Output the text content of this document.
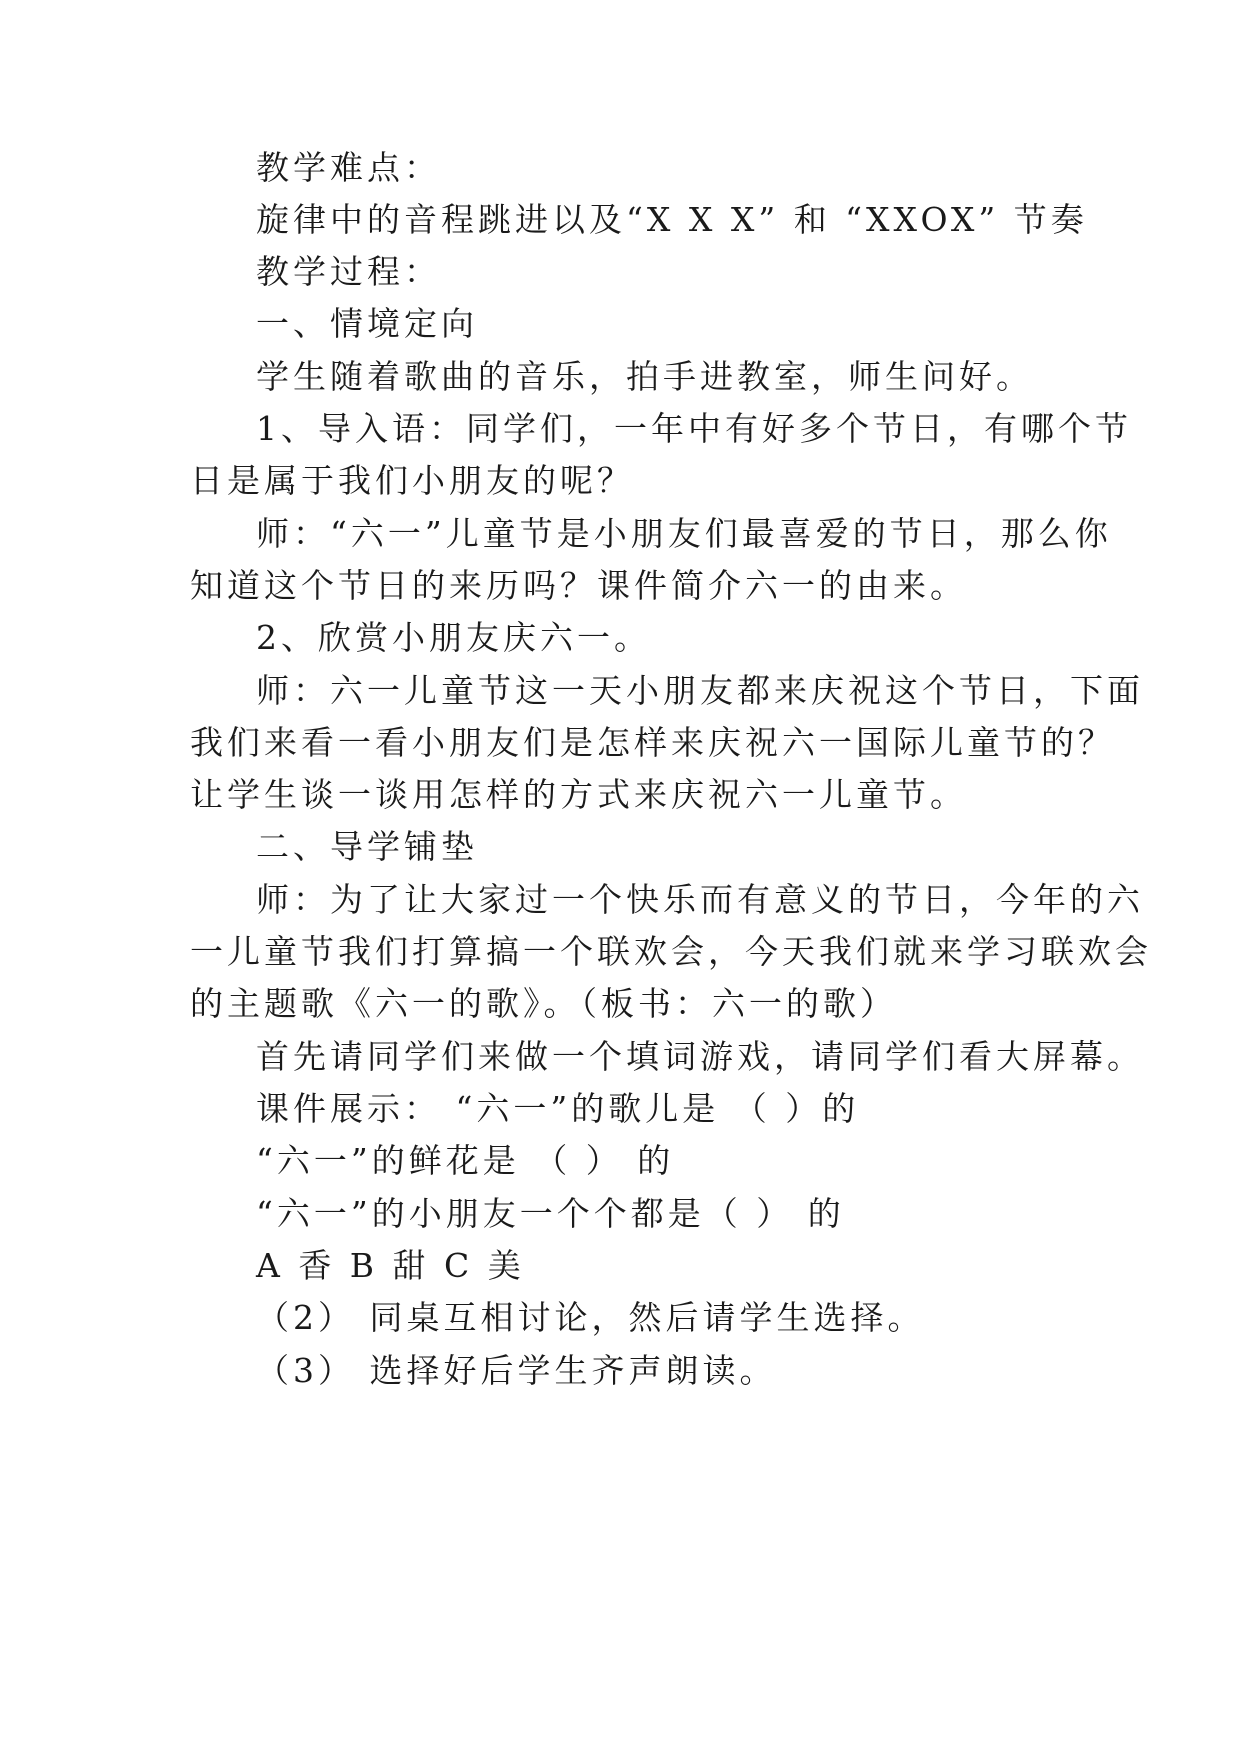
教学难点：
旋律中的音程跳进以及“X X X” 和 “XXOX” 节奏
教学过程：
一、情境定向
学生随着歌曲的音乐，拍手进教室，师生问好。
1、导入语：同学们，一年中有好多个节日，有哪个节
日是属于我们小朋友的呢？
师：“六一”儿童节是小朋友们最喜爱的节日，那么你
知道这个节日的来历吗？课件简介六一的由来。
2、欣赏小朋友庆六一。
师：六一儿童节这一天小朋友都来庆祝这个节日，下面
我们来看一看小朋友们是怎样来庆祝六一国际儿童节的？
让学生谈一谈用怎样的方式来庆祝六一儿童节。
二、导学铺垫
师：为了让大家过一个快乐而有意义的节日，今年的六
一儿童节我们打算搞一个联欢会，今天我们就来学习联欢会
的主题歌《六一的歌》。（板书：六一的歌）
首先请同学们来做一个填词游戏，请同学们看大屏幕。
课件展示： “六一”的歌儿是 （ ）的
“六一”的鲜花是 （ ） 的
“六一”的小朋友一个个都是（ ） 的
A 香 B 甜 C 美
（2） 同桌互相讨论，然后请学生选择。
（3） 选择好后学生齐声朗读。
